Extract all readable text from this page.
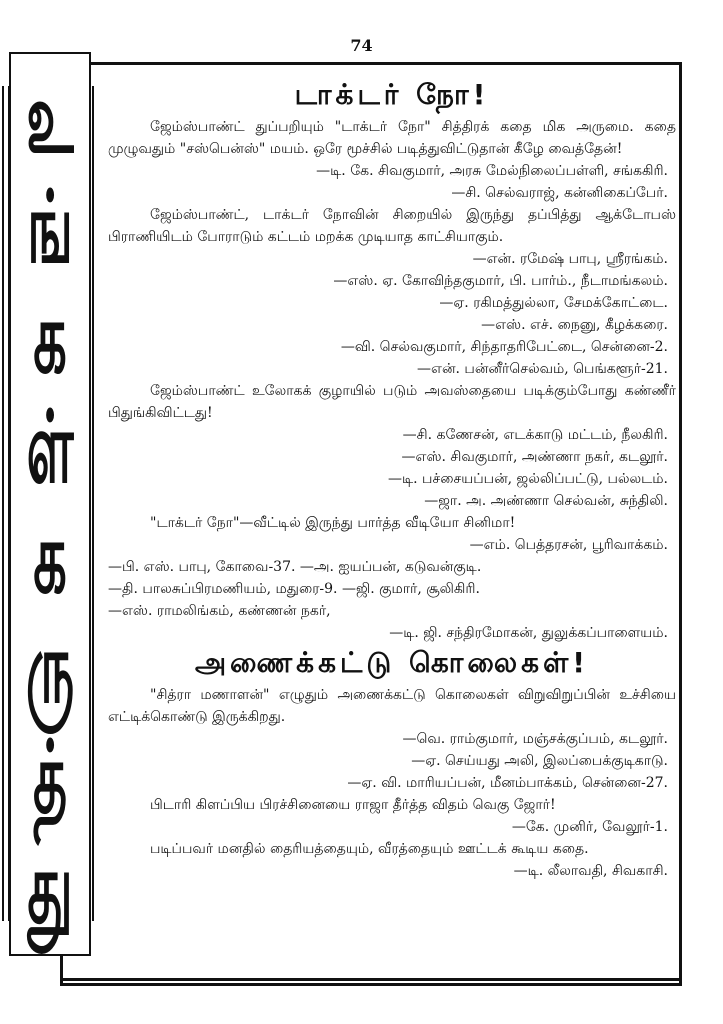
74
உ
ங்
க
ள்
க
ரு
த்
து
டாக்டர் நோ!

ஜேம்ஸ்பாண்ட் துப்பறியும் "டாக்டர் நோ" சித்திரக் கதை மிக அருமை. கதை முழுவதும் "சஸ்பென்ஸ்" மயம். ஒரே மூச்சில் படித்துவிட்டுதான் கீழே வைத்தேன்!

—டி. கே. சிவகுமார், அரசு மேல்நிலைப்பள்ளி, சங்ககிரி.

—சி. செல்வராஜ், கன்னிகைப்பேர்.

ஜேம்ஸ்பாண்ட், டாக்டர் நோவின் சிறையில் இருந்து தப்பித்து ஆக்டோபஸ் பிராணியிடம் போராடும் கட்டம் மறக்க முடியாத காட்சியாகும்.

—என். ரமேஷ் பாபு, ஸ்ரீரங்கம்.

—எஸ். ஏ. கோவிந்தகுமார், பி. பார்ம்., நீடாமங்கலம்.

—ஏ. ரகிமத்துல்லா, சேமக்கோட்டை.

—எஸ். எச். நைனு, கீழக்கரை.

—வி. செல்வகுமார், சிந்தாதரிபேட்டை, சென்னை-2.

—என். பன்னீர்செல்வம், பெங்களூர்-21.

ஜேம்ஸ்பாண்ட் உலோகக் குழாயில் படும் அவஸ்தையை படிக்கும்போது கண்ணீர் பிதுங்கிவிட்டது!

—சி. கணேசன், எடக்காடு மட்டம், நீலகிரி.

—எஸ். சிவகுமார், அண்ணா நகர், கடலூர்.

—டி. பச்சையப்பன், ஜல்லிப்பட்டு, பல்லடம்.

—ஜா. அ. அண்ணா செல்வன், சுந்திலி.

"டாக்டர் நோ"—வீட்டில் இருந்து பார்த்த வீடியோ சினிமா!

—எம். பெத்தரசன், பூரிவாக்கம்.

—பி. எஸ். பாபு, கோவை-37. —அ. ஐயப்பன், கடுவன்குடி.

—தி. பாலசுப்பிரமணியம், மதுரை-9. —ஜி. குமார், சூலிகிரி.

—எஸ். ராமலிங்கம், கண்ணன் நகர்,

—டி. ஜி. சந்திரமோகன், துலுக்கப்பாளையம்.

அணைக்கட்டு கொலைகள்!

"சித்ரா மணாளன்" எழுதும் அணைக்கட்டு கொலைகள் விறுவிறுப்பின் உச்சியை எட்டிக்கொண்டு இருக்கிறது.

—வெ. ராம்குமார், மஞ்சக்குப்பம், கடலூர்.

—ஏ. செய்யது அலி, இலப்பைக்குடிகாடு.

—ஏ. வி. மாரியப்பன், மீனம்பாக்கம், சென்னை-27.

பிடாரி கிளப்பிய பிரச்சினையை ராஜா தீர்த்த விதம் வெகு ஜோர்!

—கே. முனிர், வேலூர்-1.

படிப்பவர் மனதில் தைரியத்தையும், வீரத்தையும் ஊட்டக் கூடிய கதை.

—டி. லீலாவதி, சிவகாசி.
